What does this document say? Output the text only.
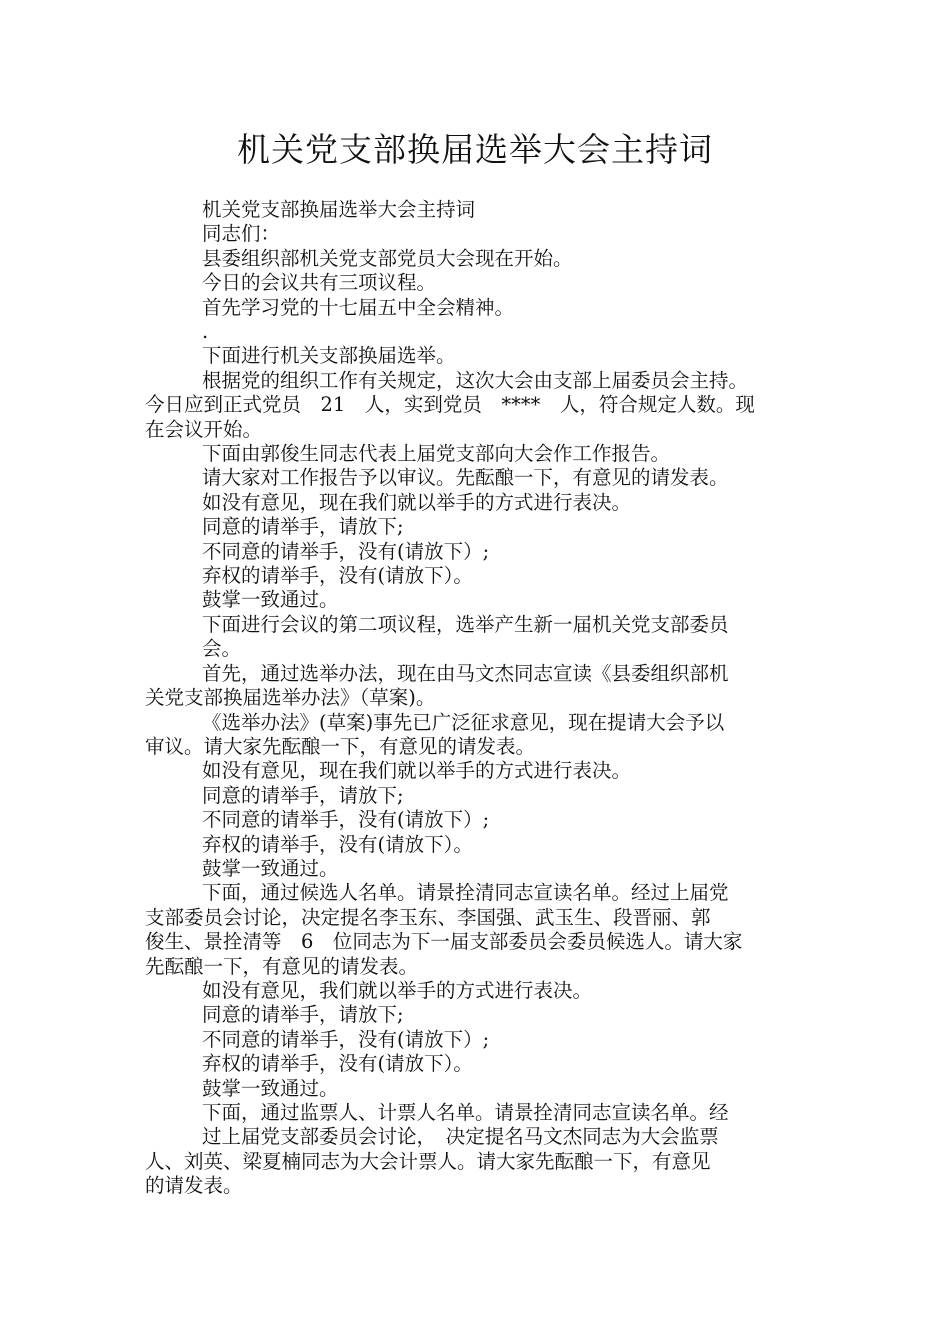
机关党支部换届选举大会主持词

机关党支部换届选举大会主持词

同志们：

县委组织部机关党支部党员大会现在开始。

今日的会议共有三项议程。

首先学习党的十七届五中全会精神。

.

下面进行机关支部换届选举。

根据党的组织工作有关规定，这次大会由支部上届委员会主持。

今日应到正式党员　21　人，实到党员　****　人，符合规定人数。现

在会议开始。

下面由郭俊生同志代表上届党支部向大会作工作报告。

请大家对工作报告予以审议。先酝酿一下，有意见的请发表。

如没有意见，现在我们就以举手的方式进行表决。

同意的请举手，请放下;

不同意的请举手，没有(请放下）;

弃权的请举手，没有(请放下）。

鼓掌一致通过。

下面进行会议的第二项议程，选举产生新一届机关党支部委员

会。

首先，通过选举办法，现在由马文杰同志宣读《县委组织部机

关党支部换届选举办法》（草案)。

《选举办法》(草案)事先已广泛征求意见，现在提请大会予以

审议。请大家先酝酿一下，有意见的请发表。

如没有意见，现在我们就以举手的方式进行表决。

同意的请举手，请放下;

不同意的请举手，没有(请放下）;

弃权的请举手，没有(请放下）。

鼓掌一致通过。

下面，通过候选人名单。请景拴清同志宣读名单。经过上届党

支部委员会讨论，决定提名李玉东、李国强、武玉生、段晋丽、郭

俊生、景拴清等　6　位同志为下一届支部委员会委员候选人。请大家

先酝酿一下，有意见的请发表。

如没有意见，我们就以举手的方式进行表决。

同意的请举手，请放下;

不同意的请举手，没有(请放下）;

弃权的请举手，没有(请放下）。

鼓掌一致通过。

下面，通过监票人、计票人名单。请景拴清同志宣读名单。经

过上届党支部委员会讨论，　决定提名马文杰同志为大会监票

人、刘英、梁夏楠同志为大会计票人。请大家先酝酿一下，有意见

的请发表。
